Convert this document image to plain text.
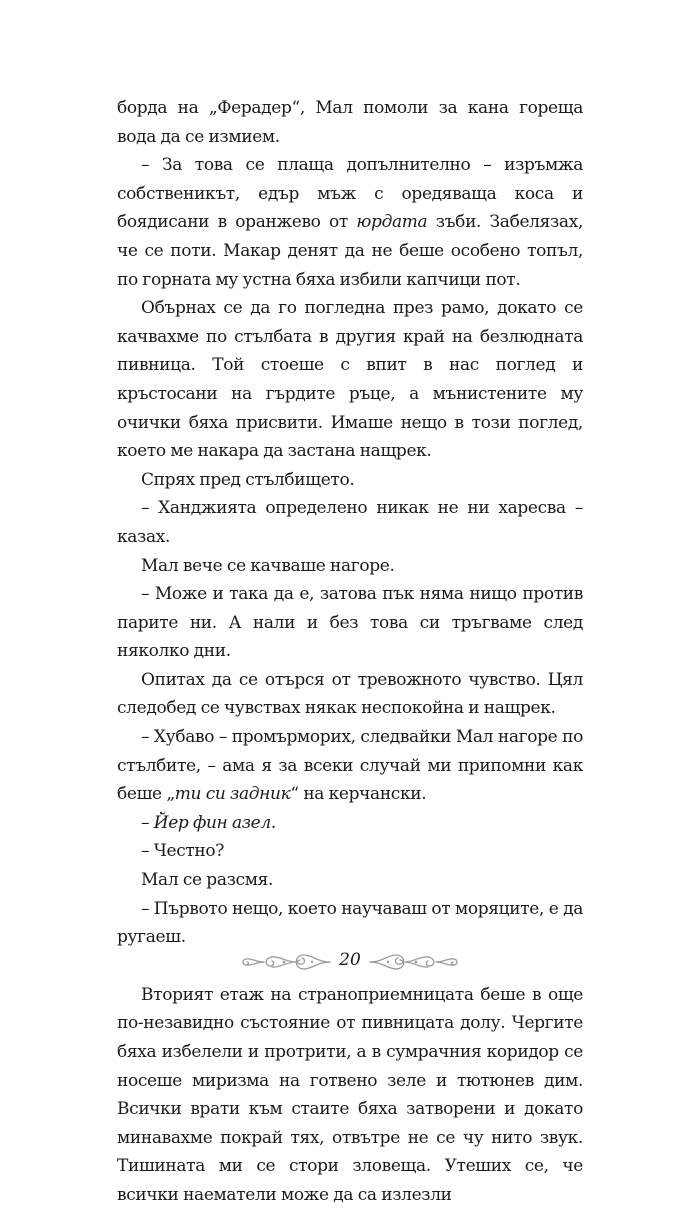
борда на „Ферадер“, Мал помоли за кана гореща вода да се измием.

– За това се плаща допълнително – изръмжа собственикът, едър мъж с оредяваща коса и боядисани в оранжево от юрдата зъби. Забелязах, че се поти. Макар денят да не беше особено топъл, по горната му устна бяха избили капчици пот.

Обърнах се да го погледна през рамо, докато се качвахме по стълбата в другия край на безлюдната пивница. Той стоеше с впит в нас поглед и кръстосани на гърдите ръце, а мънистените му очички бяха присвити. Имаше нещо в този поглед, което ме накара да застана нащрек.

Спрях пред стълбището.

– Ханджията определено никак не ни харесва – казах.

Мал вече се качваше нагоре.

– Може и така да е, затова пък няма нищо против парите ни. А нали и без това си тръгваме след няколко дни.

Опитах да се отърся от тревожното чувство. Цял следобед се чувствах някак неспокойна и нащрек.

– Хубаво – промърморих, следвайки Мал нагоре по стълбите, – ама я за всеки случай ми припомни как беше „ти си задник“ на керчански.

– Йер фин азел.

– Честно?

Мал се разсмя.

– Първото нещо, което научаваш от моряците, е да ругаеш.

Вторият етаж на страноприемницата беше в още по-незавидно състояние от пивницата долу. Чергите бяха избелели и протрити, а в сумрачния коридор се носеше миризма на готвено зеле и тютюнев дим. Всички врати към стаите бяха затворени и докато минавахме покрай тях, отвътре не се чу нито звук. Тишината ми се стори зловеща. Утеших се, че всички наематели може да са излезли

20
